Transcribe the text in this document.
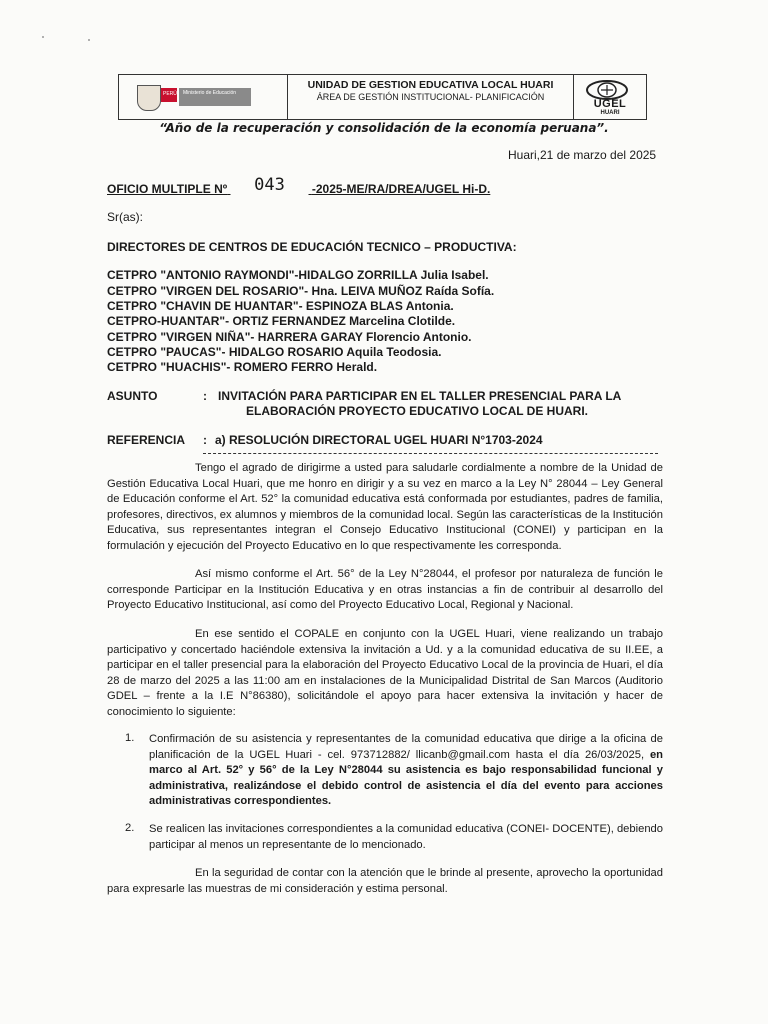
PERÚ	Ministerio de Educación
UNIDAD DE GESTION EDUCATIVA LOCAL HUARI
ÁREA DE GESTIÓN INSTITUCIONAL- PLANIFICACIÓN
UGEL
HUARI
“Año de la recuperación y consolidación de la economía peruana”.
Huari,21 de marzo del 2025
OFICIO MULTIPLE Nº 043 -2025-ME/RA/DREA/UGEL Hi-D.
Sr(as):
DIRECTORES DE CENTROS DE EDUCACIÓN TECNICO – PRODUCTIVA:
CETPRO "ANTONIO RAYMONDI"-HIDALGO ZORRILLA Julia Isabel.
CETPRO "VIRGEN DEL ROSARIO"- Hna. LEIVA MUÑOZ Raída Sofía.
CETPRO "CHAVIN DE HUANTAR"- ESPINOZA BLAS Antonia.
CETPRO-HUANTAR"- ORTIZ FERNANDEZ Marcelina Clotilde.
CETPRO "VIRGEN NIÑA"- HARRERA GARAY Florencio Antonio.
CETPRO "PAUCAS"- HIDALGO ROSARIO Aquila Teodosia.
CETPRO "HUACHIS"- ROMERO FERRO Herald.
ASUNTO	: INVITACIÓN PARA PARTICIPAR EN EL TALLER PRESENCIAL PARA LA
ELABORACIÓN PROYECTO EDUCATIVO LOCAL DE HUARI.
REFERENCIA : a) RESOLUCIÓN DIRECTORAL UGEL HUARI N°1703-2024
Tengo el agrado de dirigirme a usted para saludarle cordialmente a nombre de la Unidad de Gestión Educativa Local Huari, que me honro en dirigir y a su vez en marco a la Ley N° 28044 – Ley General de Educación conforme el Art. 52° la comunidad educativa está conformada por estudiantes, padres de familia, profesores, directivos, ex alumnos y miembros de la comunidad local. Según las características de la Institución Educativa, sus representantes integran el Consejo Educativo Institucional (CONEI) y participan en la formulación y ejecución del Proyecto Educativo en lo que respectivamente les corresponda.
Así mismo conforme el Art. 56° de la Ley N°28044, el profesor por naturaleza de función le corresponde Participar en la Institución Educativa y en otras instancias a fin de contribuir al desarrollo del Proyecto Educativo Institucional, así como del Proyecto Educativo Local, Regional y Nacional.
En ese sentido el COPALE en conjunto con la UGEL Huari, viene realizando un trabajo participativo y concertado haciéndole extensiva la invitación a Ud. y a la comunidad educativa de su II.EE, a participar en el taller presencial para la elaboración del Proyecto Educativo Local de la provincia de Huari, el día 28 de marzo del 2025 a las 11:00 am en instalaciones de la Municipalidad Distrital de San Marcos (Auditorio GDEL – frente a la I.E N°86380), solicitándole el apoyo para hacer extensiva la invitación y hacer de conocimiento lo siguiente:
1. Confirmación de su asistencia y representantes de la comunidad educativa que dirige a la oficina de planificación de la UGEL Huari - cel. 973712882/ llicanb@gmail.com hasta el día 26/03/2025, en marco al Art. 52° y 56° de la Ley N°28044 su asistencia es bajo responsabilidad funcional y administrativa, realizándose el debido control de asistencia el día del evento para acciones administrativas correspondientes.
2. Se realicen las invitaciones correspondientes a la comunidad educativa (CONEI- DOCENTE), debiendo participar al menos un representante de lo mencionado.
En la seguridad de contar con la atención que le brinde al presente, aprovecho la oportunidad para expresarle las muestras de mi consideración y estima personal.
